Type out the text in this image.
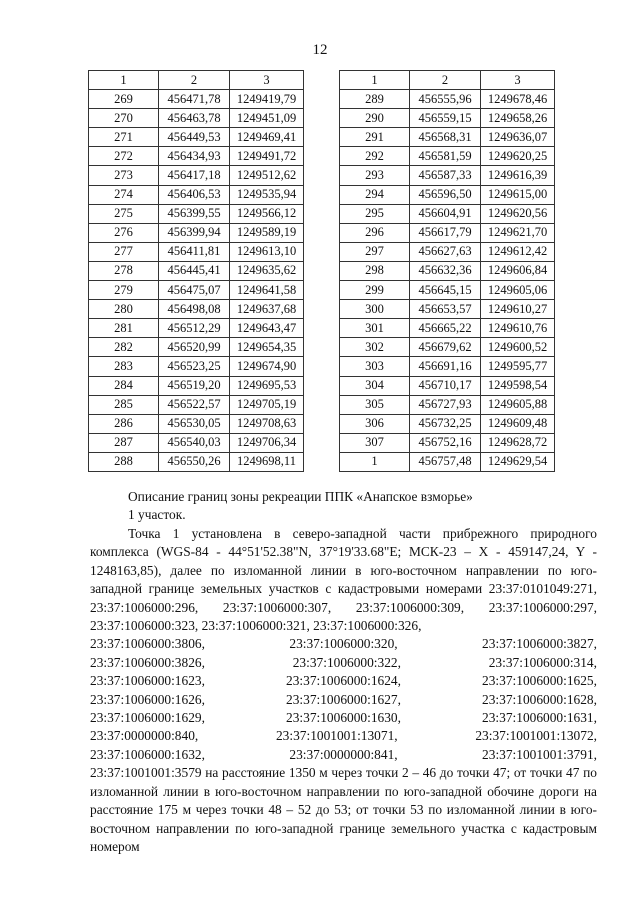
12
1	2	3
269	456471,78	1249419,79
270	456463,78	1249451,09
271	456449,53	1249469,41
272	456434,93	1249491,72
273	456417,18	1249512,62
274	456406,53	1249535,94
275	456399,55	1249566,12
276	456399,94	1249589,19
277	456411,81	1249613,10
278	456445,41	1249635,62
279	456475,07	1249641,58
280	456498,08	1249637,68
281	456512,29	1249643,47
282	456520,99	1249654,35
283	456523,25	1249674,90
284	456519,20	1249695,53
285	456522,57	1249705,19
286	456530,05	1249708,63
287	456540,03	1249706,34
288	456550,26	1249698,11
1	2	3
289	456555,96	1249678,46
290	456559,15	1249658,26
291	456568,31	1249636,07
292	456581,59	1249620,25
293	456587,33	1249616,39
294	456596,50	1249615,00
295	456604,91	1249620,56
296	456617,79	1249621,70
297	456627,63	1249612,42
298	456632,36	1249606,84
299	456645,15	1249605,06
300	456653,57	1249610,27
301	456665,22	1249610,76
302	456679,62	1249600,52
303	456691,16	1249595,77
304	456710,17	1249598,54
305	456727,93	1249605,88
306	456732,25	1249609,48
307	456752,16	1249628,72
1	456757,48	1249629,54
Описание границ зоны рекреации ППК «Анапское взморье»
1 участок.

Точка 1 установлена в северо-западной части прибрежного природного комплекса (WGS-84 - 44°51'52.38"N, 37°19'33.68"E; МСК-23 – X - 459147,24, Y - 1248163,85), далее по изломанной линии в юго-восточном направлении по юго-западной границе земельных участков с кадастровыми номерами 23:37:0101049:271, 23:37:1006000:296, 23:37:1006000:307, 23:37:1006000:309, 23:37:1006000:297, 23:37:1006000:323, 23:37:1006000:321, 23:37:1006000:326,

23:37:1006000:3806,	23:37:1006000:320,	23:37:1006000:3827,
23:37:1006000:3826,	23:37:1006000:322,	23:37:1006000:314,
23:37:1006000:1623,	23:37:1006000:1624,	23:37:1006000:1625,
23:37:1006000:1626,	23:37:1006000:1627,	23:37:1006000:1628,
23:37:1006000:1629,	23:37:1006000:1630,	23:37:1006000:1631,
23:37:0000000:840,	23:37:1001001:13071,	23:37:1001001:13072,
23:37:1006000:1632,	23:37:0000000:841,	23:37:1001001:3791,

23:37:1001001:3579 на расстояние 1350 м через точки 2 – 46 до точки 47; от точки 47 по изломанной линии в юго-восточном направлении по юго-западной обочине дороги на расстояние 175 м через точки 48 – 52 до 53; от точки 53 по изломанной линии в юго-восточном направлении по юго-западной границе земельного участка с кадастровым номером
